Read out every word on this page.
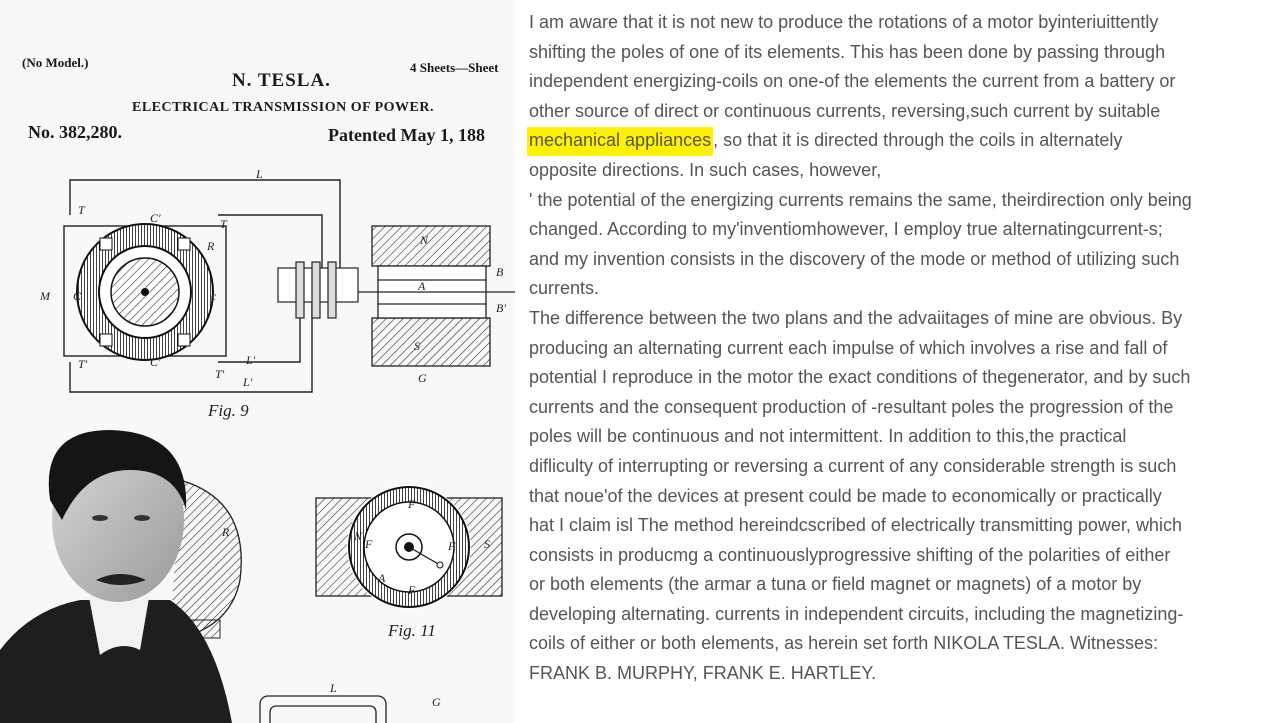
(No Model.)
N. TESLA.
4 Sheets—Sheet
ELECTRICAL TRANSMISSION OF POWER.
No. 382,280.	Patented May 1, 188
L
C'
R
M C	c
C'	L'
L'
T'
T'
T
T
N
A
B
B'
S
G
Fig. 9
N
S
F
A
F
F	F
Fig. 11
R
L
G
I am aware that it is not new to produce the rotations of a motor byinteriuittently
shifting the poles of one of its elements. This has been done by passing through
independent energizing-coils on one-of the elements the current from a battery or
other source of direct or continuous currents, reversing,such current by suitable
mechanical appliances , so that it is directed through the coils in alternately
opposite directions. In such cases, however,
' the potential of the energizing currents remains the same, theirdirection only being
changed. According to my'inventiomhowever, I employ true alternatingcurrent-s;
and my invention consists in the discovery of the mode or method of utilizing such
currents.
The difference between the two plans and the advaiitages of mine are obvious. By
producing an alternating current each impulse of which involves a rise and fall of
potential I reproduce in the motor the exact conditions of thegenerator, and by such
currents and the consequent production of -resultant poles the progression of the
poles will be continuous and not intermittent. In addition to this,the practical
difliculty of interrupting or reversing a current of any considerable strength is such
that noue'of the devices at present could be made to economically or practically
hat I claim isl The method hereindcscribed of electrically transmitting power, which
consists in producmg a continuouslyprogressive shifting of the polarities of either
or both elements (the armar a tuna or field magnet or magnets) of a motor by
developing alternating. currents in independent circuits, including the magnetizing-
coils of either or both elements, as herein set forth NIKOLA TESLA. Witnesses:
FRANK B. MURPHY, FRANK E. HARTLEY.
